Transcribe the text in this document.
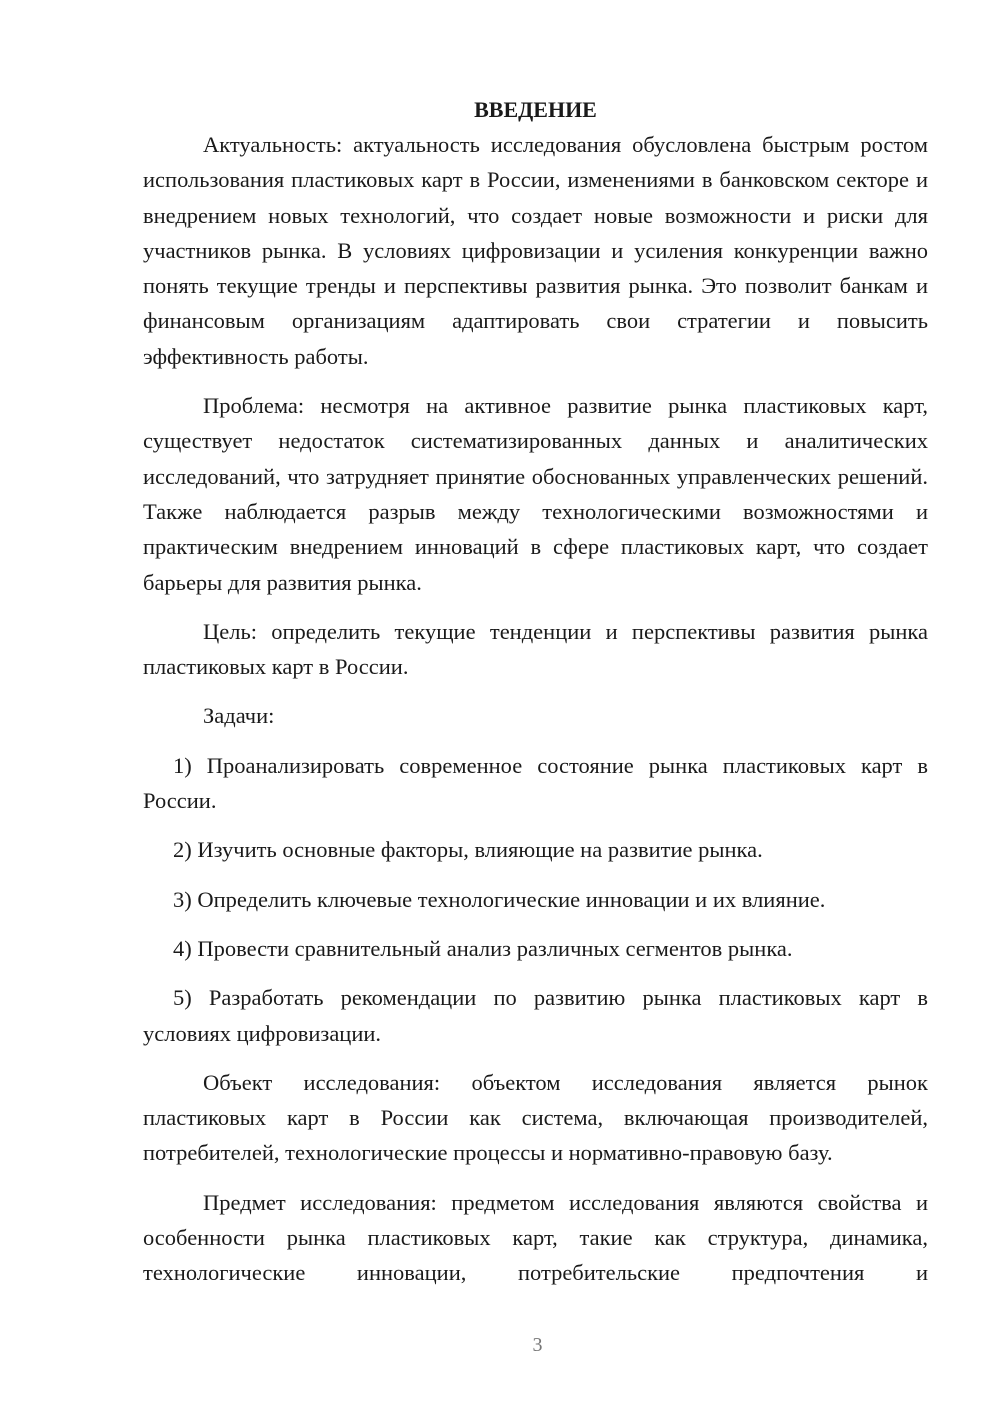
ВВЕДЕНИЕ

Актуальность: актуальность исследования обусловлена быстрым ростом использования пластиковых карт в России, изменениями в банковском секторе и внедрением новых технологий, что создает новые возможности и риски для участников рынка. В условиях цифровизации и усиления конкуренции важно понять текущие тренды и перспективы развития рынка. Это позволит банкам и финансовым организациям адаптировать свои стратегии и повысить эффективность работы.

Проблема: несмотря на активное развитие рынка пластиковых карт, существует недостаток систематизированных данных и аналитических исследований, что затрудняет принятие обоснованных управленческих решений. Также наблюдается разрыв между технологическими возможностями и практическим внедрением инноваций в сфере пластиковых карт, что создает барьеры для развития рынка.

Цель: определить текущие тенденции и перспективы развития рынка пластиковых карт в России.

Задачи:

1) Проанализировать современное состояние рынка пластиковых карт в России.

2) Изучить основные факторы, влияющие на развитие рынка.

3) Определить ключевые технологические инновации и их влияние.

4) Провести сравнительный анализ различных сегментов рынка.

5) Разработать рекомендации по развитию рынка пластиковых карт в условиях цифровизации.

Объект исследования: объектом исследования является рынок пластиковых карт в России как система, включающая производителей, потребителей, технологические процессы и нормативно-правовую базу.

Предмет исследования: предметом исследования являются свойства и особенности рынка пластиковых карт, такие как структура, динамика, технологические инновации, потребительские предпочтения и

3
